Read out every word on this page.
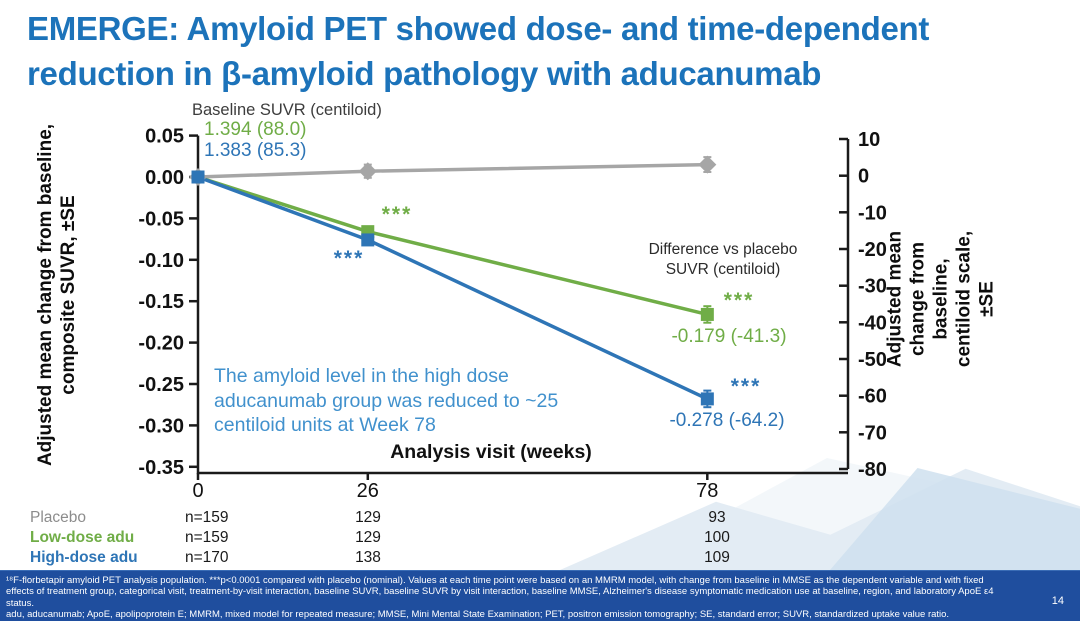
EMERGE: Amyloid PET showed dose- and time-dependent
reduction in β-amyloid pathology with aducanumab
0.05
0.00
-0.05
-0.10
-0.15
-0.20
-0.25
-0.30
-0.35
10
0
-10
-20
-30
-40
-50
-60
-70
-80
0	26	78
Baseline SUVR (centiloid)
1.394 (88.0)
1.383 (85.3)
Difference vs placebo
SUVR (centiloid)
-0.179 (-41.3)
-0.278 (-64.2)
***
***
***
***
The amyloid level in the high dose
aducanumab group was reduced to ~25
centiloid units at Week 78
Analysis visit (weeks)
Adjusted mean change from baseline, composite SUVR, ±SE	Adjusted mean change from baseline, centiloid scale, ±SE
Placebo	n=159	129	93
Low-dose adu	n=159	129	100
High-dose adu	n=170	138	109
¹⁸F-florbetapir amyloid PET analysis population. ***p<0.0001 compared with placebo (nominal). Values at each time point were based on an MMRM model, with change from baseline in MMSE as the dependent variable and with fixed
effects of treatment group, categorical visit, treatment-by-visit interaction, baseline SUVR, baseline SUVR by visit interaction, baseline MMSE, Alzheimer's disease symptomatic medication use at baseline, region, and laboratory ApoE ε4
status.
adu, aducanumab; ApoE, apolipoprotein E; MMRM, mixed model for repeated measure; MMSE, Mini Mental State Examination; PET, positron emission tomography; SE, standard error; SUVR, standardized uptake value ratio.
14
